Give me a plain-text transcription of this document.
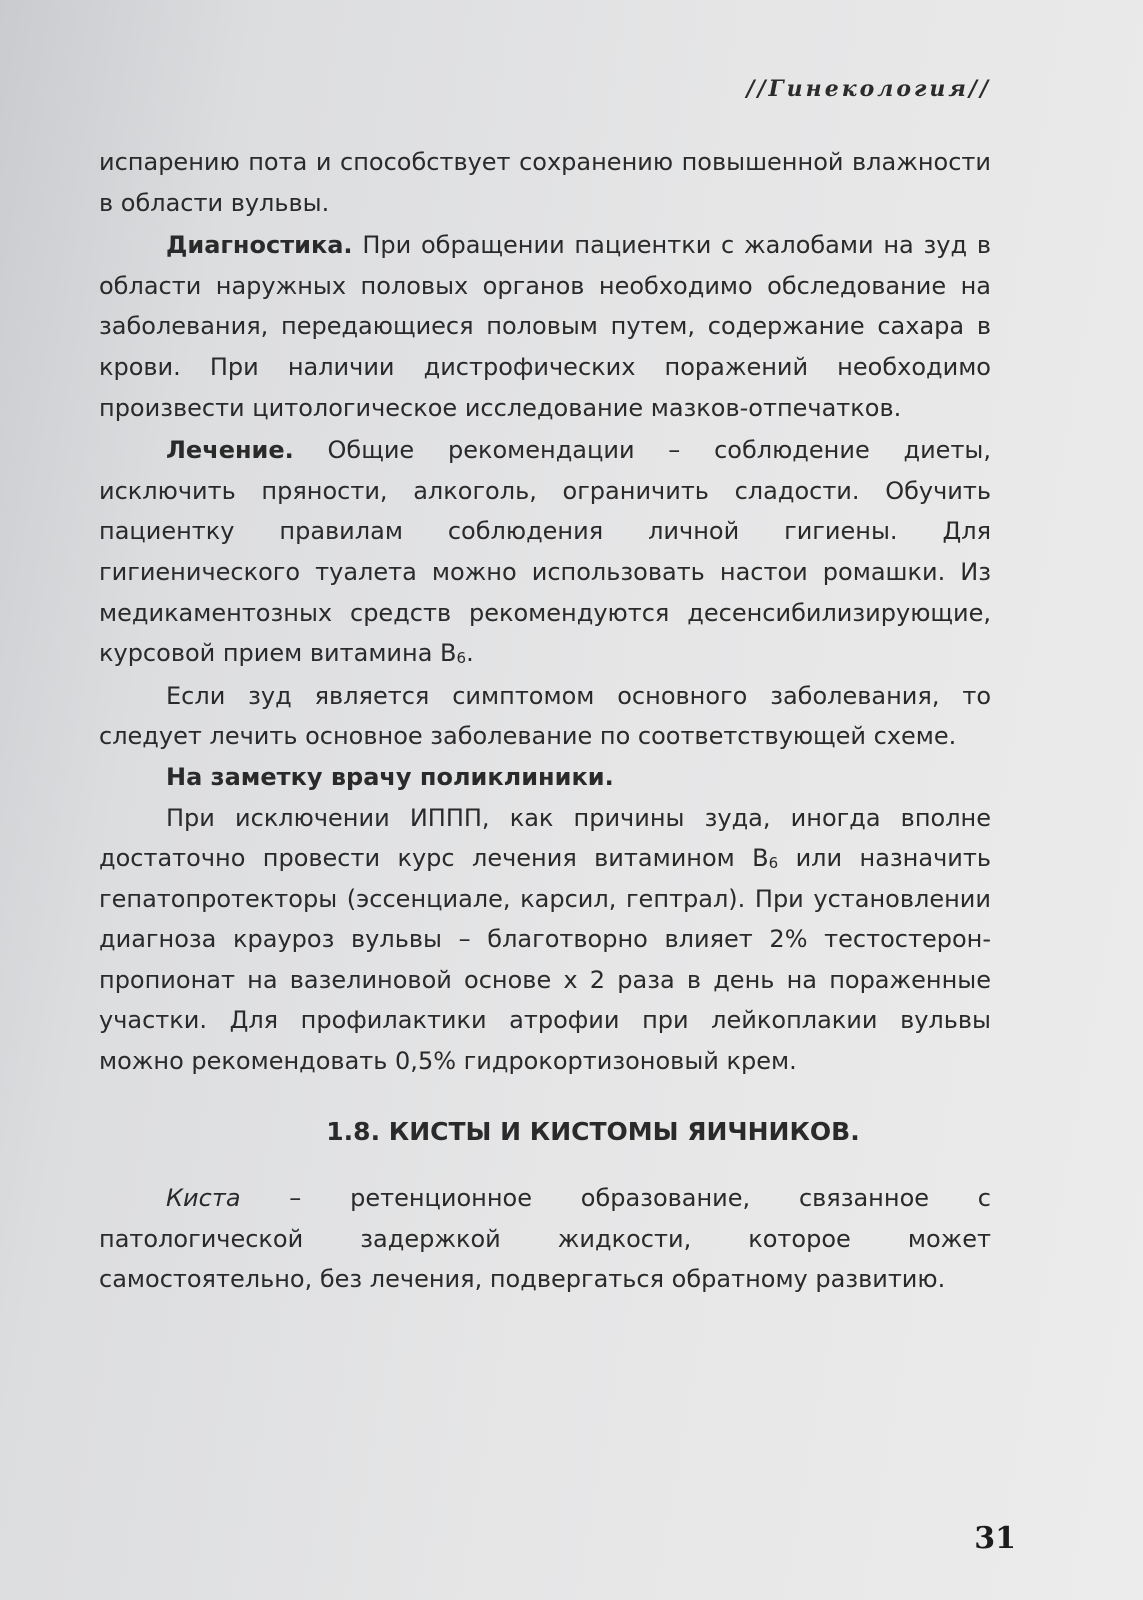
//Гинекология//

испарению пота и способствует сохранению повышенной влажности в области вульвы.

Диагностика. При обращении пациентки с жалобами на зуд в области наружных половых органов необходимо обследование на заболевания, передающиеся половым путем, содержание сахара в крови. При наличии дистрофических поражений необходимо произвести цитологическое исследование мазков-отпечатков.

Лечение. Общие рекомендации – соблюдение диеты, исключить пряности, алкоголь, ограничить сладости. Обучить пациентку правилам соблюдения личной гигиены. Для гигиенического туалета можно использовать настои ромашки. Из медикаментозных средств рекомендуются десенсибилизирующие, курсовой прием витамина $B_6$.

Если зуд является симптомом основного заболевания, то следует лечить основное заболевание по соответствующей схеме.

На заметку врачу поликлиники.

При исключении ИППП, как причины зуда, иногда вполне достаточно провести курс лечения витамином $B_6$ или назначить гепатопротекторы (эссенциале, карсил, гептрал). При установлении диагноза крауроз вульвы – благотворно влияет 2% тестостерон-пропионат на вазелиновой основе х 2 раза в день на пораженные участки. Для профилактики атрофии при лейкоплакии вульвы можно рекомендовать 0,5% гидрокортизоновый крем.

1.8. КИСТЫ И КИСТОМЫ ЯИЧНИКОВ.

Киста – ретенционное образование, связанное с патологической задержкой жидкости, которое может самостоятельно, без лечения, подвергаться обратному развитию.

31
